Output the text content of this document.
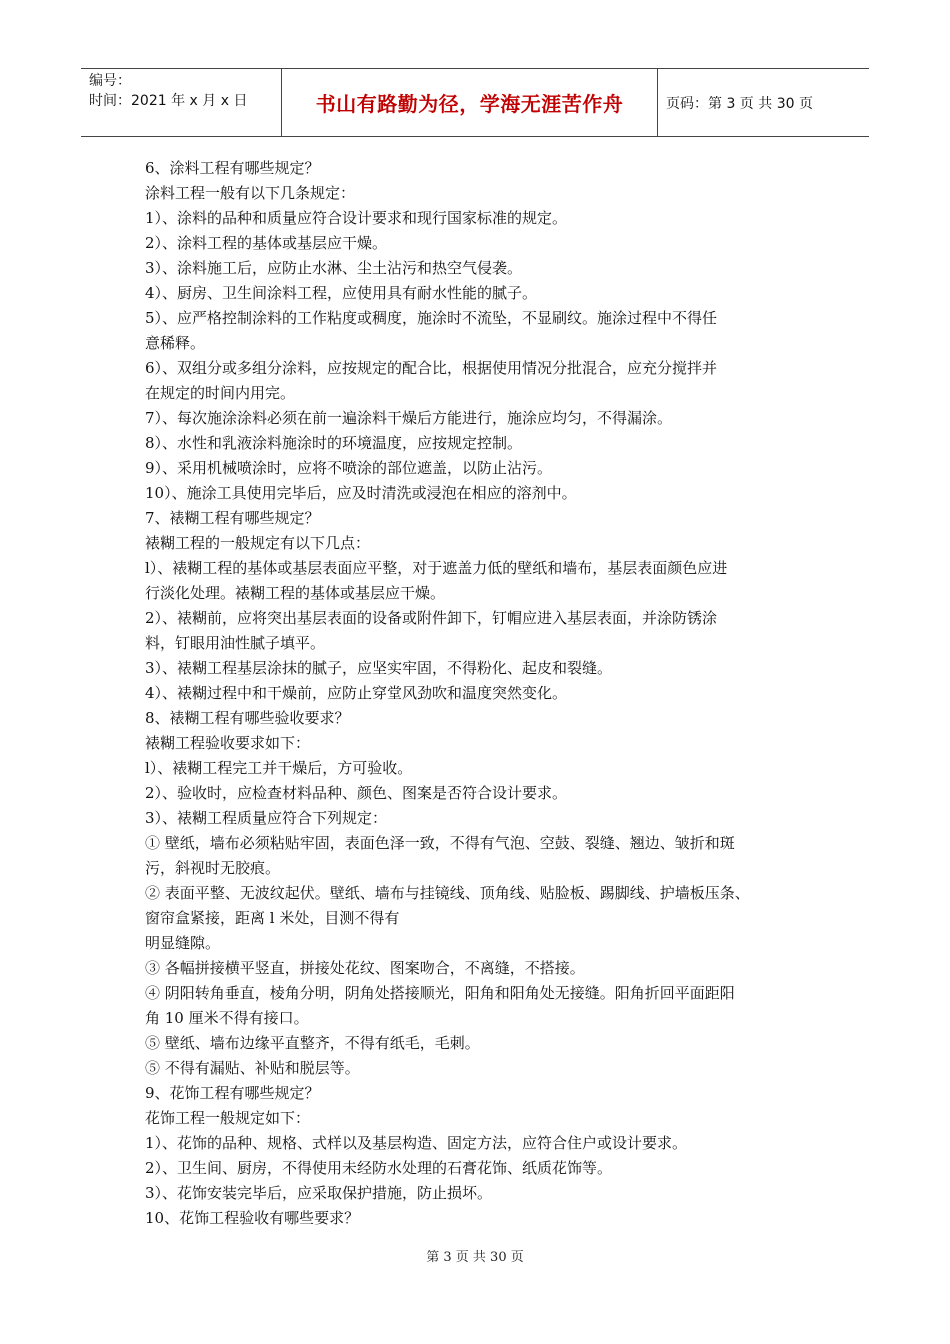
编号：
时间：2021 年 x 月 x 日	书山有路勤为径，学海无涯苦作舟	页码：第 3 页 共 30 页

6、涂料工程有哪些规定？

涂料工程一般有以下几条规定：

1）、涂料的品种和质量应符合设计要求和现行国家标准的规定。

2）、涂料工程的基体或基层应干燥。

3）、涂料施工后，应防止水淋、尘土沾污和热空气侵袭。

4）、厨房、卫生间涂料工程，应使用具有耐水性能的腻子。

5）、应严格控制涂料的工作粘度或稠度，施涂时不流坠，不显刷纹。施涂过程中不得任

意稀释。

6）、双组分或多组分涂料，应按规定的配合比，根据使用情况分批混合，应充分搅拌并

在规定的时间内用完。

7）、每次施涂涂料必须在前一遍涂料干燥后方能进行，施涂应均匀，不得漏涂。

8）、水性和乳液涂料施涂时的环境温度，应按规定控制。

9）、采用机械喷涂时，应将不喷涂的部位遮盖，以防止沾污。

10）、施涂工具使用完毕后，应及时清洗或浸泡在相应的溶剂中。

7、裱糊工程有哪些规定？

裱糊工程的一般规定有以下几点：

l）、裱糊工程的基体或基层表面应平整，对于遮盖力低的壁纸和墙布，基层表面颜色应进

行淡化处理。裱糊工程的基体或基层应干燥。

2）、裱糊前，应将突出基层表面的设备或附件卸下，钉帽应进入基层表面，并涂防锈涂

料，钉眼用油性腻子填平。

3）、裱糊工程基层涂抹的腻子，应坚实牢固，不得粉化、起皮和裂缝。

4）、裱糊过程中和干燥前，应防止穿堂风劲吹和温度突然变化。

8、裱糊工程有哪些验收要求？

裱糊工程验收要求如下：

l）、裱糊工程完工并干燥后，方可验收。

2）、验收时，应检查材料品种、颜色、图案是否符合设计要求。

3）、裱糊工程质量应符合下列规定：

① 壁纸，墙布必须粘贴牢固，表面色泽一致，不得有气泡、空鼓、裂缝、翘边、皱折和斑

污，斜视时无胶痕。

② 表面平整、无波纹起伏。壁纸、墙布与挂镜线、顶角线、贴脸板、踢脚线、护墙板压条、

窗帘盒紧接，距离 l 米处，目测不得有

明显缝隙。

③ 各幅拼接横平竖直，拼接处花纹、图案吻合，不离缝，不搭接。

④ 阴阳转角垂直，棱角分明，阴角处搭接顺光，阳角和阳角处无接缝。阳角折回平面距阳

角 10 厘米不得有接口。

⑤ 壁纸、墙布边缘平直整齐，不得有纸毛，毛刺。

⑤ 不得有漏贴、补贴和脱层等。

9、花饰工程有哪些规定？

花饰工程一般规定如下：

1）、花饰的品种、规格、式样以及基层构造、固定方法，应符合住户或设计要求。

2）、卫生间、厨房，不得使用未经防水处理的石膏花饰、纸质花饰等。

3）、花饰安装完毕后，应采取保护措施，防止损坏。

10、花饰工程验收有哪些要求？

第 3 页 共 30 页
